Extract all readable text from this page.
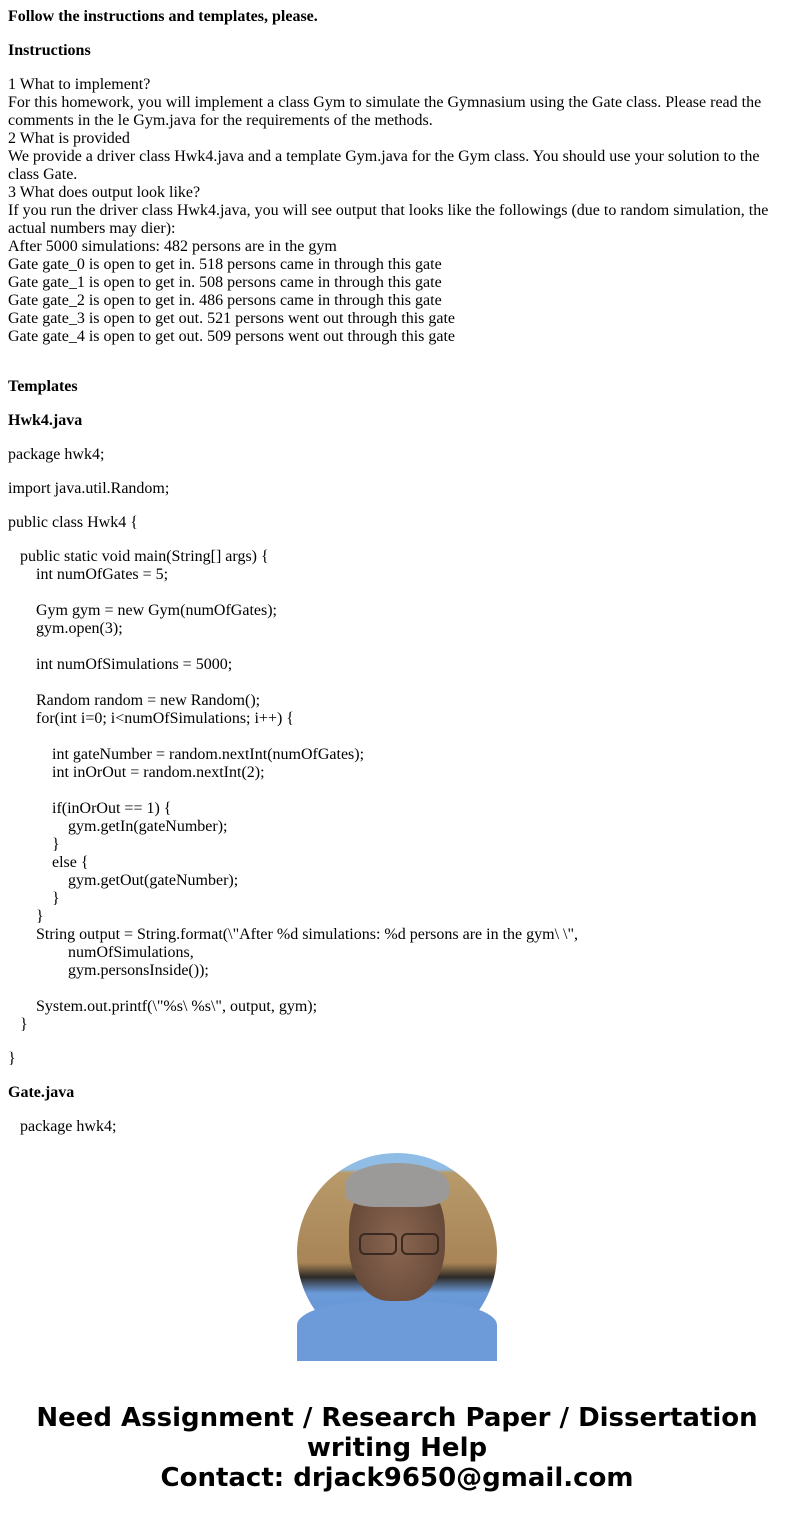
Follow the instructions and templates, please.

Instructions

1 What to implement?

For this homework, you will implement a class Gym to simulate the Gymnasium using the Gate class. Please read the comments in the le Gym.java for the requirements of the methods.

2 What is provided

We provide a driver class Hwk4.java and a template Gym.java for the Gym class. You should use your solution to the class Gate.

3 What does output look like?

If you run the driver class Hwk4.java, you will see output that looks like the followings (due to random simulation, the actual numbers may dier):

After 5000 simulations: 482 persons are in the gym

Gate gate_0 is open to get in. 518 persons came in through this gate

Gate gate_1 is open to get in. 508 persons came in through this gate

Gate gate_2 is open to get in. 486 persons came in through this gate

Gate gate_3 is open to get out. 521 persons went out through this gate

Gate gate_4 is open to get out. 509 persons went out through this gate

Templates

Hwk4.java

package hwk4;

import java.util.Random;

public class Hwk4 {

public static void main(String[] args) {

int numOfGates = 5;

Gym gym = new Gym(numOfGates);

gym.open(3);

int numOfSimulations = 5000;

Random random = new Random();

for(int i=0; i<numOfSimulations; i++) {

int gateNumber = random.nextInt(numOfGates);

int inOrOut = random.nextInt(2);

if(inOrOut == 1) {

gym.getIn(gateNumber);

}

else {

gym.getOut(gateNumber);

}

}

String output = String.format(\"After %d simulations: %d persons are in the gym\ \",

numOfSimulations,

gym.personsInside());

System.out.printf(\"%s\ %s\", output, gym);

}

}

Gate.java

package hwk4;

Need Assignment / Research Paper / Dissertation
writing Help
Contact: drjack9650@gmail.com
